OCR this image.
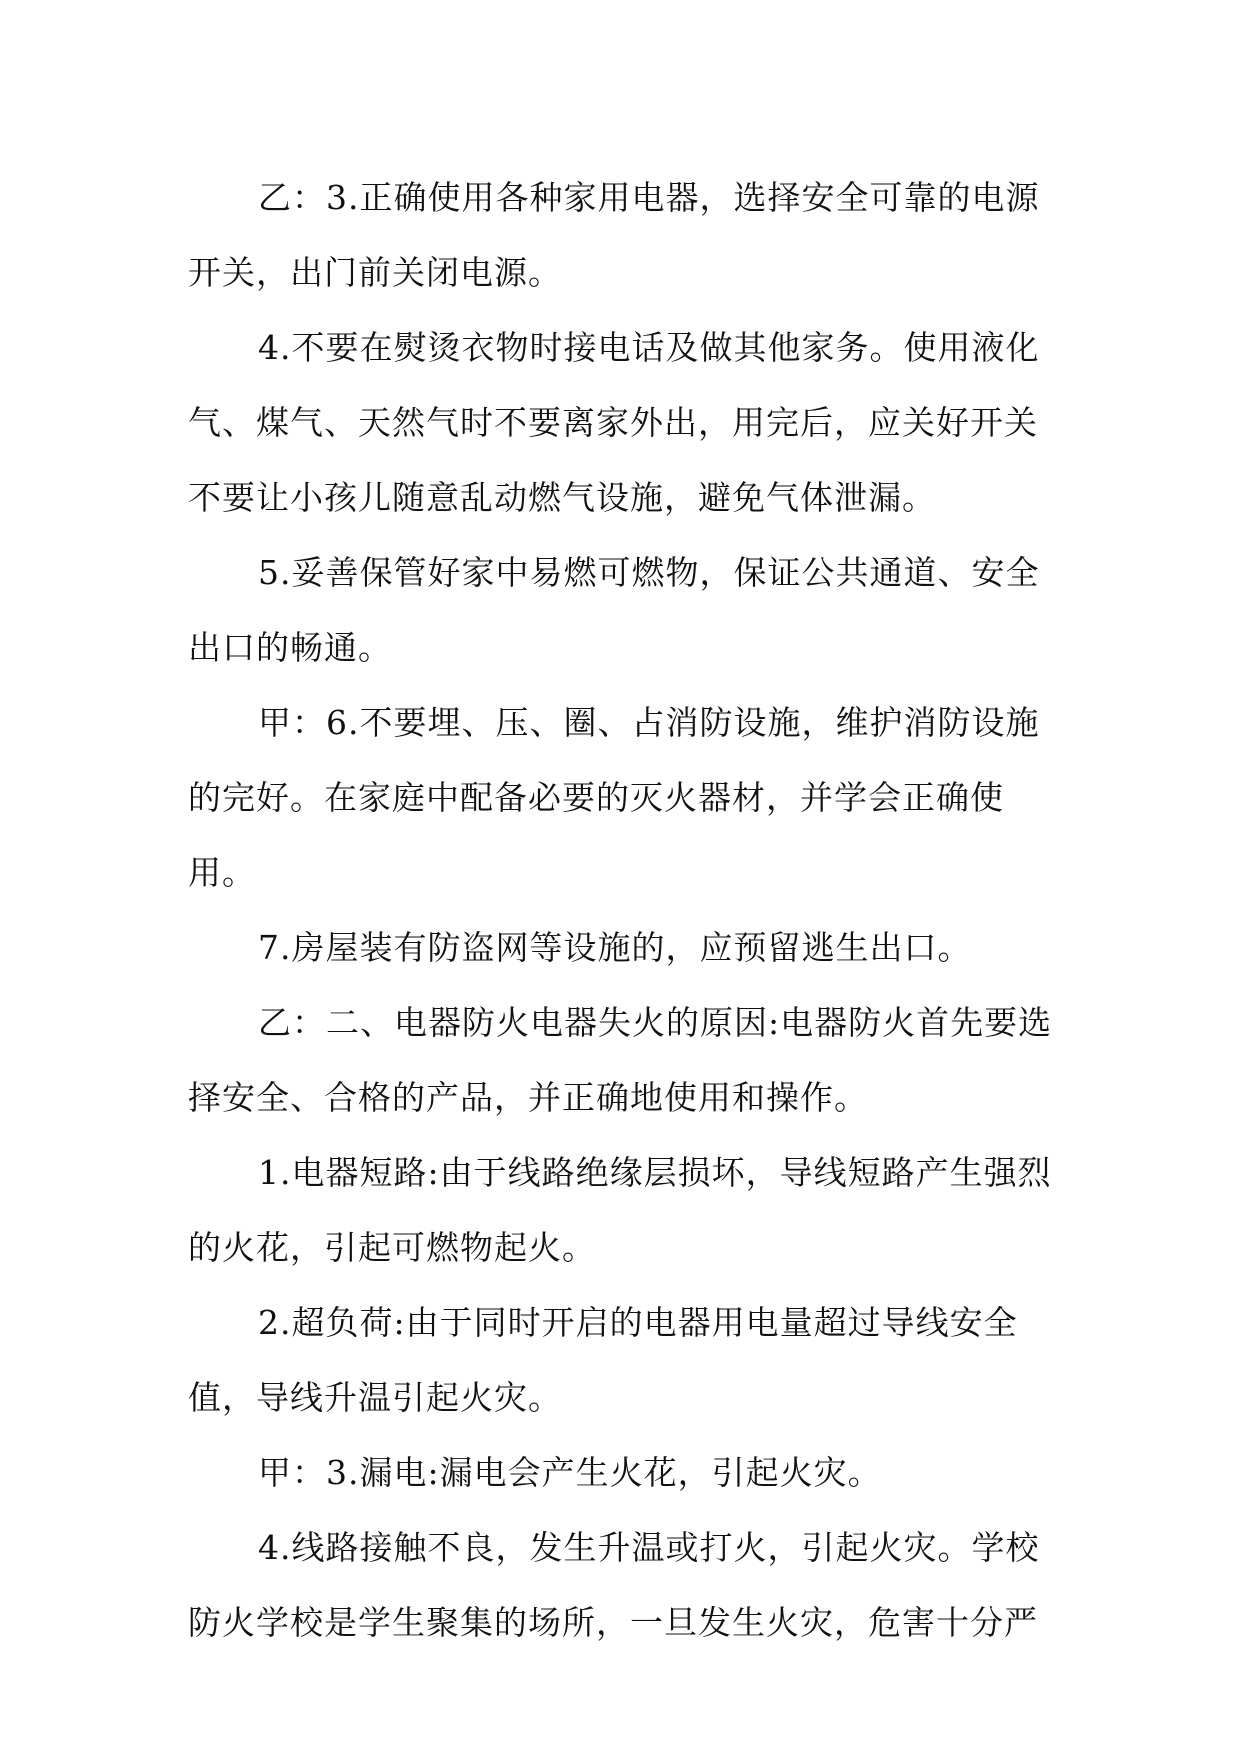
乙：3.正确使用各种家用电器，选择安全可靠的电源开关，出门前关闭电源。

4.不要在熨烫衣物时接电话及做其他家务。使用液化气、煤气、天然气时不要离家外出，用完后，应关好开关不要让小孩儿随意乱动燃气设施，避免气体泄漏。

5.妥善保管好家中易燃可燃物，保证公共通道、安全出口的畅通。

甲：6.不要埋、压、圈、占消防设施，维护消防设施的完好。在家庭中配备必要的灭火器材，并学会正确使用。

7.房屋装有防盗网等设施的，应预留逃生出口。

乙：二、电器防火电器失火的原因:电器防火首先要选择安全、合格的产品，并正确地使用和操作。

1.电器短路:由于线路绝缘层损坏，导线短路产生强烈的火花，引起可燃物起火。

2.超负荷:由于同时开启的电器用电量超过导线安全值，导线升温引起火灾。

甲：3.漏电:漏电会产生火花，引起火灾。

4.线路接触不良，发生升温或打火，引起火灾。学校防火学校是学生聚集的场所，一旦发生火灾，危害十分严
